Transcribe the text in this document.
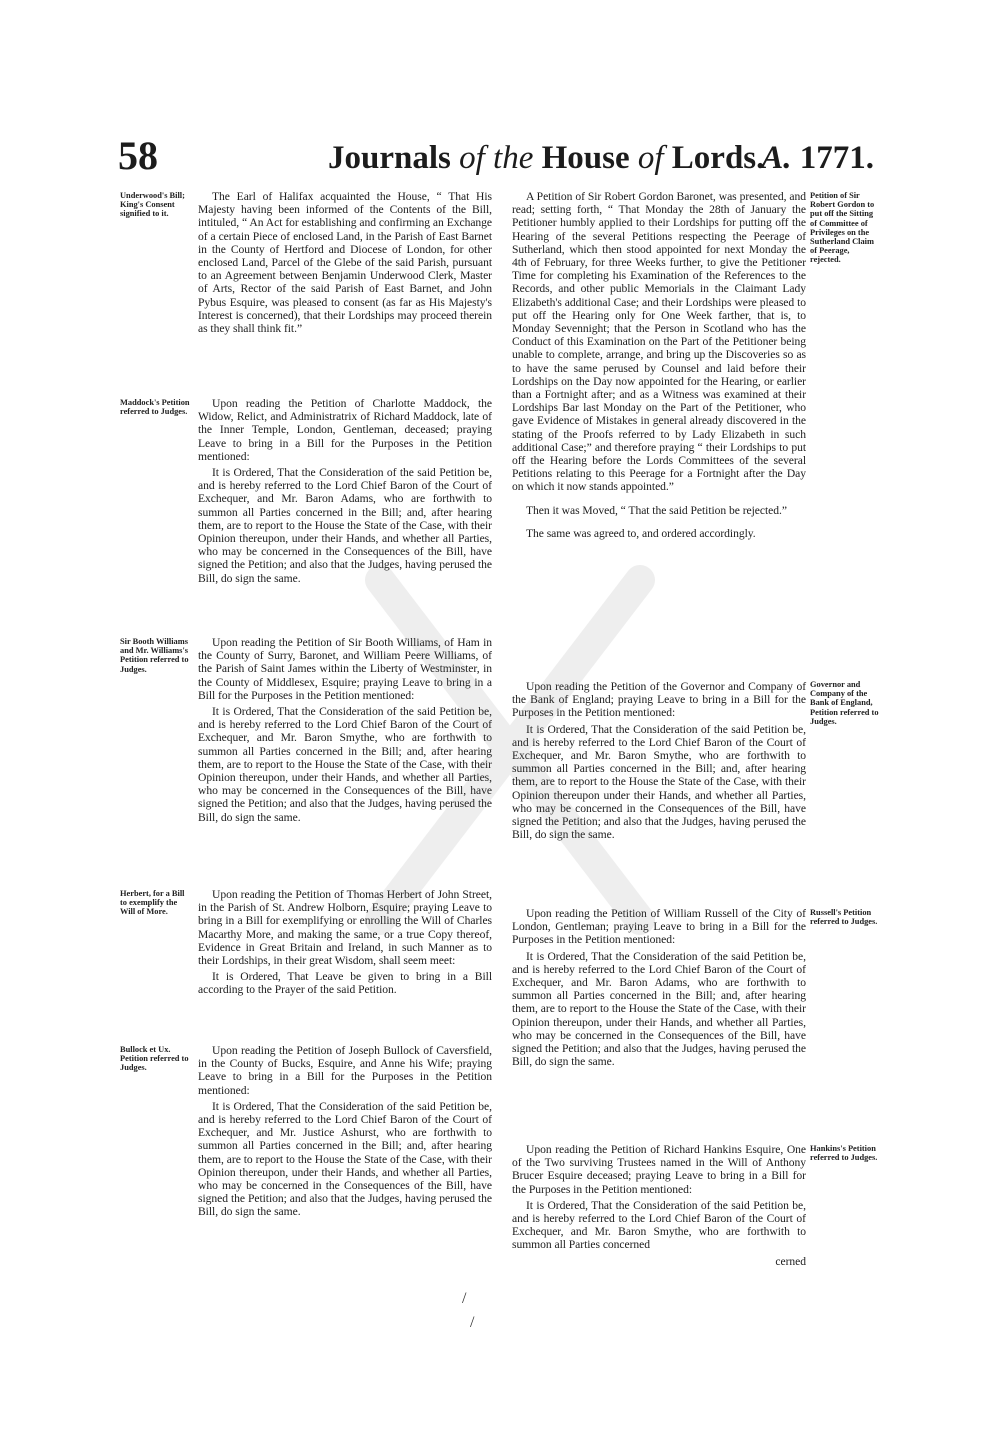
58	Journals of the House of Lords.
A. 1771.
Underwood's Bill; King's Consent signified to it.
Maddock's Petition referred to Judges.
Sir Booth Williams and Mr. Williams's Petition referred to Judges.
Herbert, for a Bill to exemplify the Will of More.
Bullock et Ux. Petition referred to Judges.
Petition of Sir Robert Gordon to put off the Sitting of Committee of Privileges on the Sutherland Claim of Peerage, rejected.
Governor and Company of the Bank of England, Petition referred to Judges.
Russell's Petition referred to Judges.
Hankins's Petition referred to Judges.

The Earl of Halifax acquainted the House, “ That His Majesty having been informed of the Contents of the Bill, intituled, “ An Act for establishing and confirming an Exchange of a certain Piece of enclosed Land, in the Parish of East Barnet in the County of Hertford and Diocese of London, for other enclosed Land, Parcel of the Glebe of the said Parish, pursuant to an Agreement between Benjamin Underwood Clerk, Master of Arts, Rector of the said Parish of East Barnet, and John Pybus Esquire, was pleased to consent (as far as His Majesty's Interest is concerned), that their Lordships may proceed therein as they shall think fit.”

Upon reading the Petition of Charlotte Maddock, the Widow, Relict, and Administratrix of Richard Maddock, late of the Inner Temple, London, Gentleman, deceased; praying Leave to bring in a Bill for the Purposes in the Petition mentioned:

It is Ordered, That the Consideration of the said Petition be, and is hereby referred to the Lord Chief Baron of the Court of Exchequer, and Mr. Baron Adams, who are forthwith to summon all Parties concerned in the Bill; and, after hearing them, are to report to the House the State of the Case, with their Opinion thereupon, under their Hands, and whether all Parties, who may be concerned in the Consequences of the Bill, have signed the Petition; and also that the Judges, having perused the Bill, do sign the same.

Upon reading the Petition of Sir Booth Williams, of Ham in the County of Surry, Baronet, and William Peere Williams, of the Parish of Saint James within the Liberty of Westminster, in the County of Middlesex, Esquire; praying Leave to bring in a Bill for the Purposes in the Petition mentioned:

It is Ordered, That the Consideration of the said Petition be, and is hereby referred to the Lord Chief Baron of the Court of Exchequer, and Mr. Baron Smythe, who are forthwith to summon all Parties concerned in the Bill; and, after hearing them, are to report to the House the State of the Case, with their Opinion thereupon, under their Hands, and whether all Parties, who may be concerned in the Consequences of the Bill, have signed the Petition; and also that the Judges, having perused the Bill, do sign the same.

Upon reading the Petition of Thomas Herbert of John Street, in the Parish of St. Andrew Holborn, Esquire; praying Leave to bring in a Bill for exemplifying or enrolling the Will of Charles Macarthy More, and making the same, or a true Copy thereof, Evidence in Great Britain and Ireland, in such Manner as to their Lordships, in their great Wisdom, shall seem meet:

It is Ordered, That Leave be given to bring in a Bill according to the Prayer of the said Petition.

Upon reading the Petition of Joseph Bullock of Caversfield, in the County of Bucks, Esquire, and Anne his Wife; praying Leave to bring in a Bill for the Purposes in the Petition mentioned:

It is Ordered, That the Consideration of the said Petition be, and is hereby referred to the Lord Chief Baron of the Court of Exchequer, and Mr. Justice Ashurst, who are forthwith to summon all Parties concerned in the Bill; and, after hearing them, are to report to the House the State of the Case, with their Opinion thereupon, under their Hands, and whether all Parties, who may be concerned in the Consequences of the Bill, have signed the Petition; and also that the Judges, having perused the Bill, do sign the same.

A Petition of Sir Robert Gordon Baronet, was presented, and read; setting forth, “ That Monday the 28th of January the Petitioner humbly applied to their Lordships for putting off the Hearing of the several Petitions respecting the Peerage of Sutherland, which then stood appointed for next Monday the 4th of February, for three Weeks further, to give the Petitioner Time for completing his Examination of the References to the Records, and other public Memorials in the Claimant Lady Elizabeth's additional Case; and their Lordships were pleased to put off the Hearing only for One Week farther, that is, to Monday Sevennight; that the Person in Scotland who has the Conduct of this Examination on the Part of the Petitioner being unable to complete, arrange, and bring up the Discoveries so as to have the same perused by Counsel and laid before their Lordships on the Day now appointed for the Hearing, or earlier than a Fortnight after; and as a Witness was examined at their Lordships Bar last Monday on the Part of the Petitioner, who gave Evidence of Mistakes in general already discovered in the stating of the Proofs referred to by Lady Elizabeth in such additional Case;” and therefore praying “ their Lordships to put off the Hearing before the Lords Committees of the several Petitions relating to this Peerage for a Fortnight after the Day on which it now stands appointed.”

Then it was Moved, “ That the said Petition be rejected.”

The same was agreed to, and ordered accordingly.

Upon reading the Petition of the Governor and Company of the Bank of England; praying Leave to bring in a Bill for the Purposes in the Petition mentioned:

It is Ordered, That the Consideration of the said Petition be, and is hereby referred to the Lord Chief Baron of the Court of Exchequer, and Mr. Baron Smythe, who are forthwith to summon all Parties concerned in the Bill; and, after hearing them, are to report to the House the State of the Case, with their Opinion thereupon under their Hands, and whether all Parties, who may be concerned in the Consequences of the Bill, have signed the Petition; and also that the Judges, having perused the Bill, do sign the same.

Upon reading the Petition of William Russell of the City of London, Gentleman; praying Leave to bring in a Bill for the Purposes in the Petition mentioned:

It is Ordered, That the Consideration of the said Petition be, and is hereby referred to the Lord Chief Baron of the Court of Exchequer, and Mr. Baron Adams, who are forthwith to summon all Parties concerned in the Bill; and, after hearing them, are to report to the House the State of the Case, with their Opinion thereupon, under their Hands, and whether all Parties, who may be concerned in the Consequences of the Bill, have signed the Petition; and also that the Judges, having perused the Bill, do sign the same.

Upon reading the Petition of Richard Hankins Esquire, One of the Two surviving Trustees named in the Will of Anthony Brucer Esquire deceased; praying Leave to bring in a Bill for the Purposes in the Petition mentioned:

It is Ordered, That the Consideration of the said Petition be, and is hereby referred to the Lord Chief Baron of the Court of Exchequer, and Mr. Baron Smythe, who are forthwith to summon all Parties concerned

cerned

/
/
